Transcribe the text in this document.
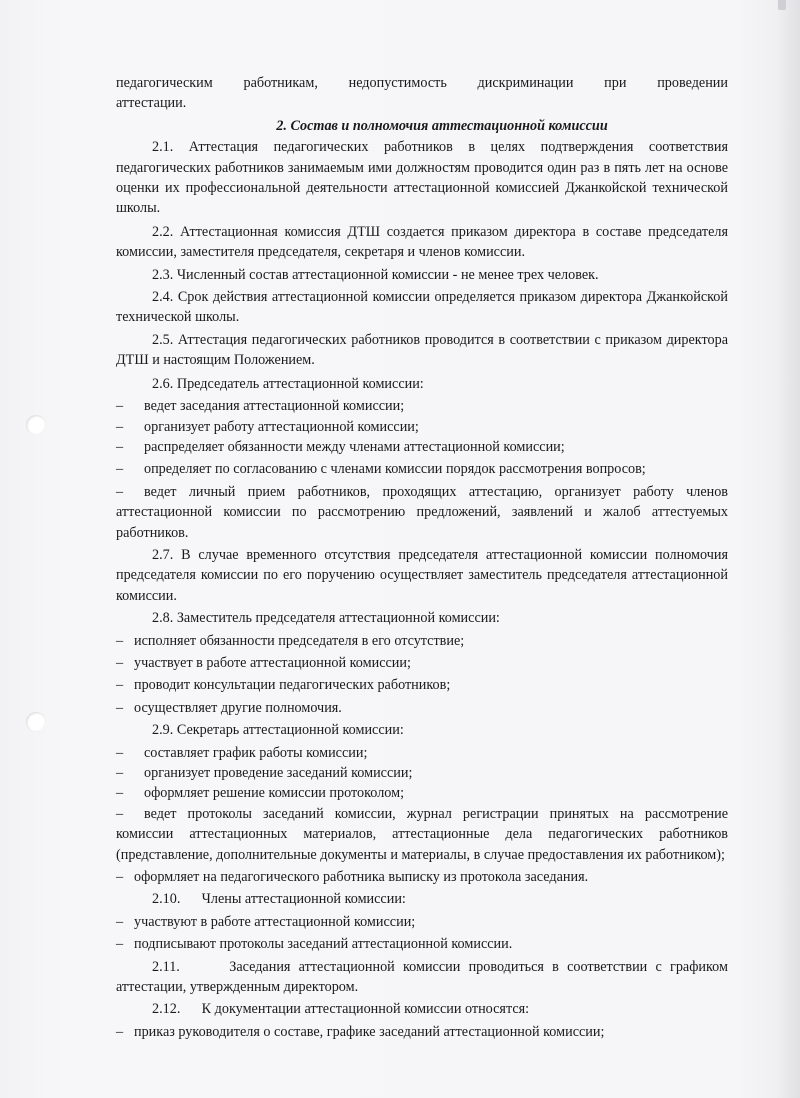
педагогическим работникам, недопустимость дискриминации при проведении

аттестации.

2. Состав и полномочия аттестационной комиссии

2.1. Аттестация педагогических работников в целях подтверждения соответствия педагогических работников занимаемым ими должностям проводится один раз в пять лет на основе оценки их профессиональной деятельности аттестационной комиссией Джанкойской технической школы.

2.2. Аттестационная комиссия ДТШ создается приказом директора в составе председателя комиссии, заместителя председателя, секретаря и членов комиссии.

2.3. Численный состав аттестационной комиссии - не менее трех человек.

2.4. Срок действия аттестационной комиссии определяется приказом директора Джанкойской технической школы.

2.5. Аттестация педагогических работников проводится в соответствии с приказом директора ДТШ и настоящим Положением.

2.6. Председатель аттестационной комиссии:

– ведет заседания аттестационной комиссии;

– организует работу аттестационной комиссии;

– распределяет обязанности между членами аттестационной комиссии;

– определяет по согласованию с членами комиссии порядок рассмотрения вопросов;

– ведет личный прием работников, проходящих аттестацию, организует работу членов аттестационной комиссии по рассмотрению предложений, заявлений и жалоб аттестуемых работников.

2.7. В случае временного отсутствия председателя аттестационной комиссии полномочия председателя комиссии по его поручению осуществляет заместитель председателя аттестационной комиссии.

2.8. Заместитель председателя аттестационной комиссии:

– исполняет обязанности председателя в его отсутствие;

– участвует в работе аттестационной комиссии;

– проводит консультации педагогических работников;

– осуществляет другие полномочия.

2.9. Секретарь аттестационной комиссии:

– составляет график работы комиссии;

– организует проведение заседаний комиссии;

– оформляет решение комиссии протоколом;

– ведет протоколы заседаний комиссии, журнал регистрации принятых на рассмотрение комиссии аттестационных материалов, аттестационные дела педагогических работников (представление, дополнительные документы и материалы, в случае предоставления их работником);

– оформляет на педагогического работника выписку из протокола заседания.

2.10.      Члены аттестационной комиссии:

– участвуют в работе аттестационной комиссии;

– подписывают протоколы заседаний аттестационной комиссии.

2.11.      Заседания аттестационной комиссии проводиться в соответствии с графиком аттестации, утвержденным директором.

2.12.      К документации аттестационной комиссии относятся:

– приказ руководителя о составе, графике заседаний аттестационной комиссии;
